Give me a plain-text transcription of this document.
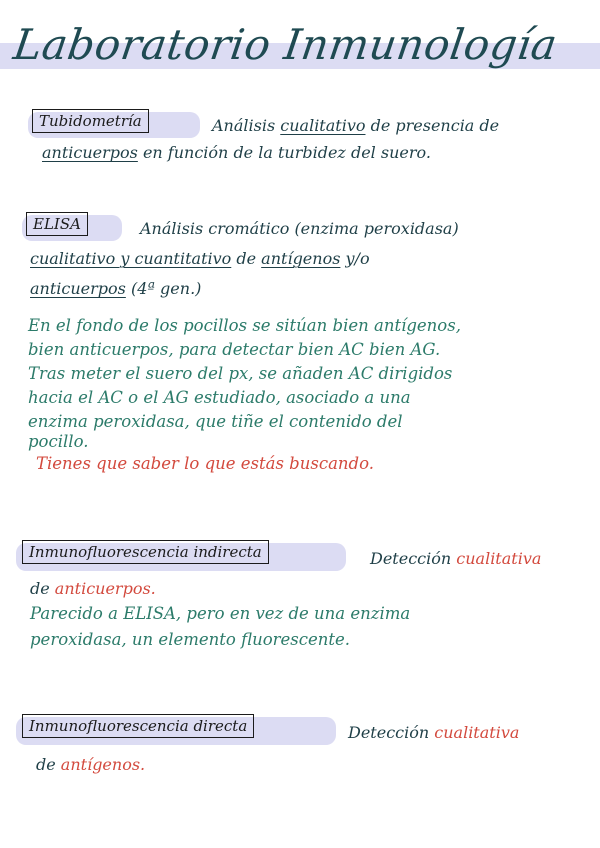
Laboratorio Inmunología
Tubidometría	Análisis cualitativo de presencia de
anticuerpos en función de la turbidez del suero.
ELISA	Análisis cromático (enzima peroxidasa)
cualitativo y cuantitativo de antígenos y/o
anticuerpos (4ª gen.)
En el fondo de los pocillos se sitúan bien antígenos,
bien anticuerpos, para detectar bien AC bien AG.
Tras meter el suero del px, se añaden AC dirigidos
hacia el AC o el AG estudiado, asociado a una
enzima peroxidasa, que tiñe el contenido del
pocillo.
Tienes que saber lo que estás buscando.
Inmunofluorescencia indirecta	Detección cualitativa
de anticuerpos.
Parecido a ELISA, pero en vez de una enzima
peroxidasa, un elemento fluorescente.
Inmunofluorescencia directa	Detección cualitativa
de antígenos.
